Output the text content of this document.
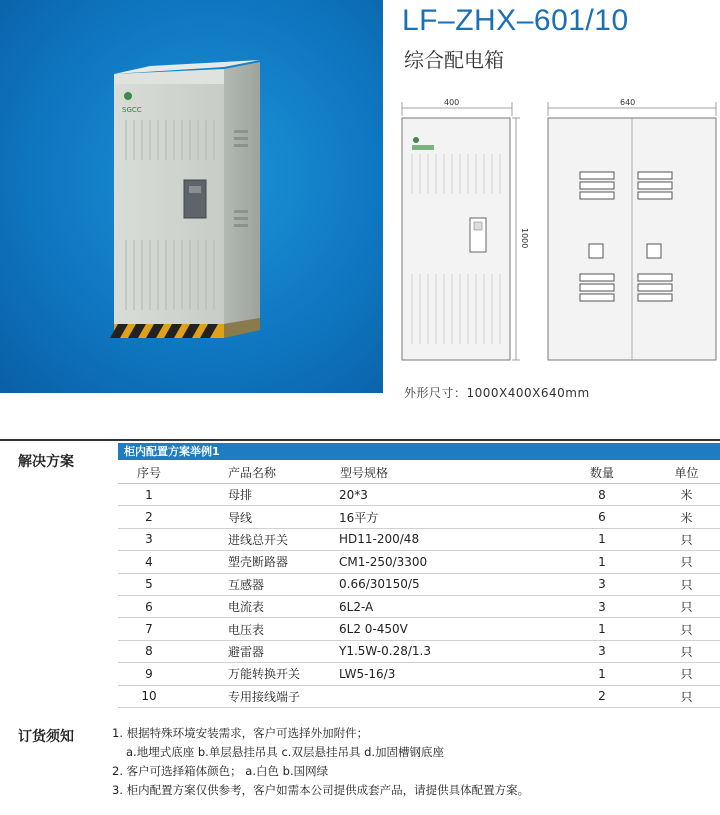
SGCC
LF–ZHX–601/10
综合配电箱
400	640
1000
外形尺寸：1000X400X640mm
解决方案
柜内配置方案举例1
序号	产品名称	型号规格	数量	单位
1	母排	20*3	8	米
2	导线	16平方	6	米
3	进线总开关	HD11-200/48	1	只
4	塑壳断路器	CM1-250/3300	1	只
5	互感器	0.66/30150/5	3	只
6	电流表	6L2-A	3	只
7	电压表	6L2 0-450V	1	只
8	避雷器	Y1.5W-0.28/1.3	3	只
9	万能转换开关	LW5-16/3	1	只
10	专用接线端子		2	只
订货须知	1. 根据特殊环境安装需求，客户可选择外加附件；
a.地埋式底座 b.单层悬挂吊具 c.双层悬挂吊具 d.加固槽钢底座
2. 客户可选择箱体颜色； a.白色 b.国网绿
3. 柜内配置方案仅供参考，客户如需本公司提供成套产品，请提供具体配置方案。
